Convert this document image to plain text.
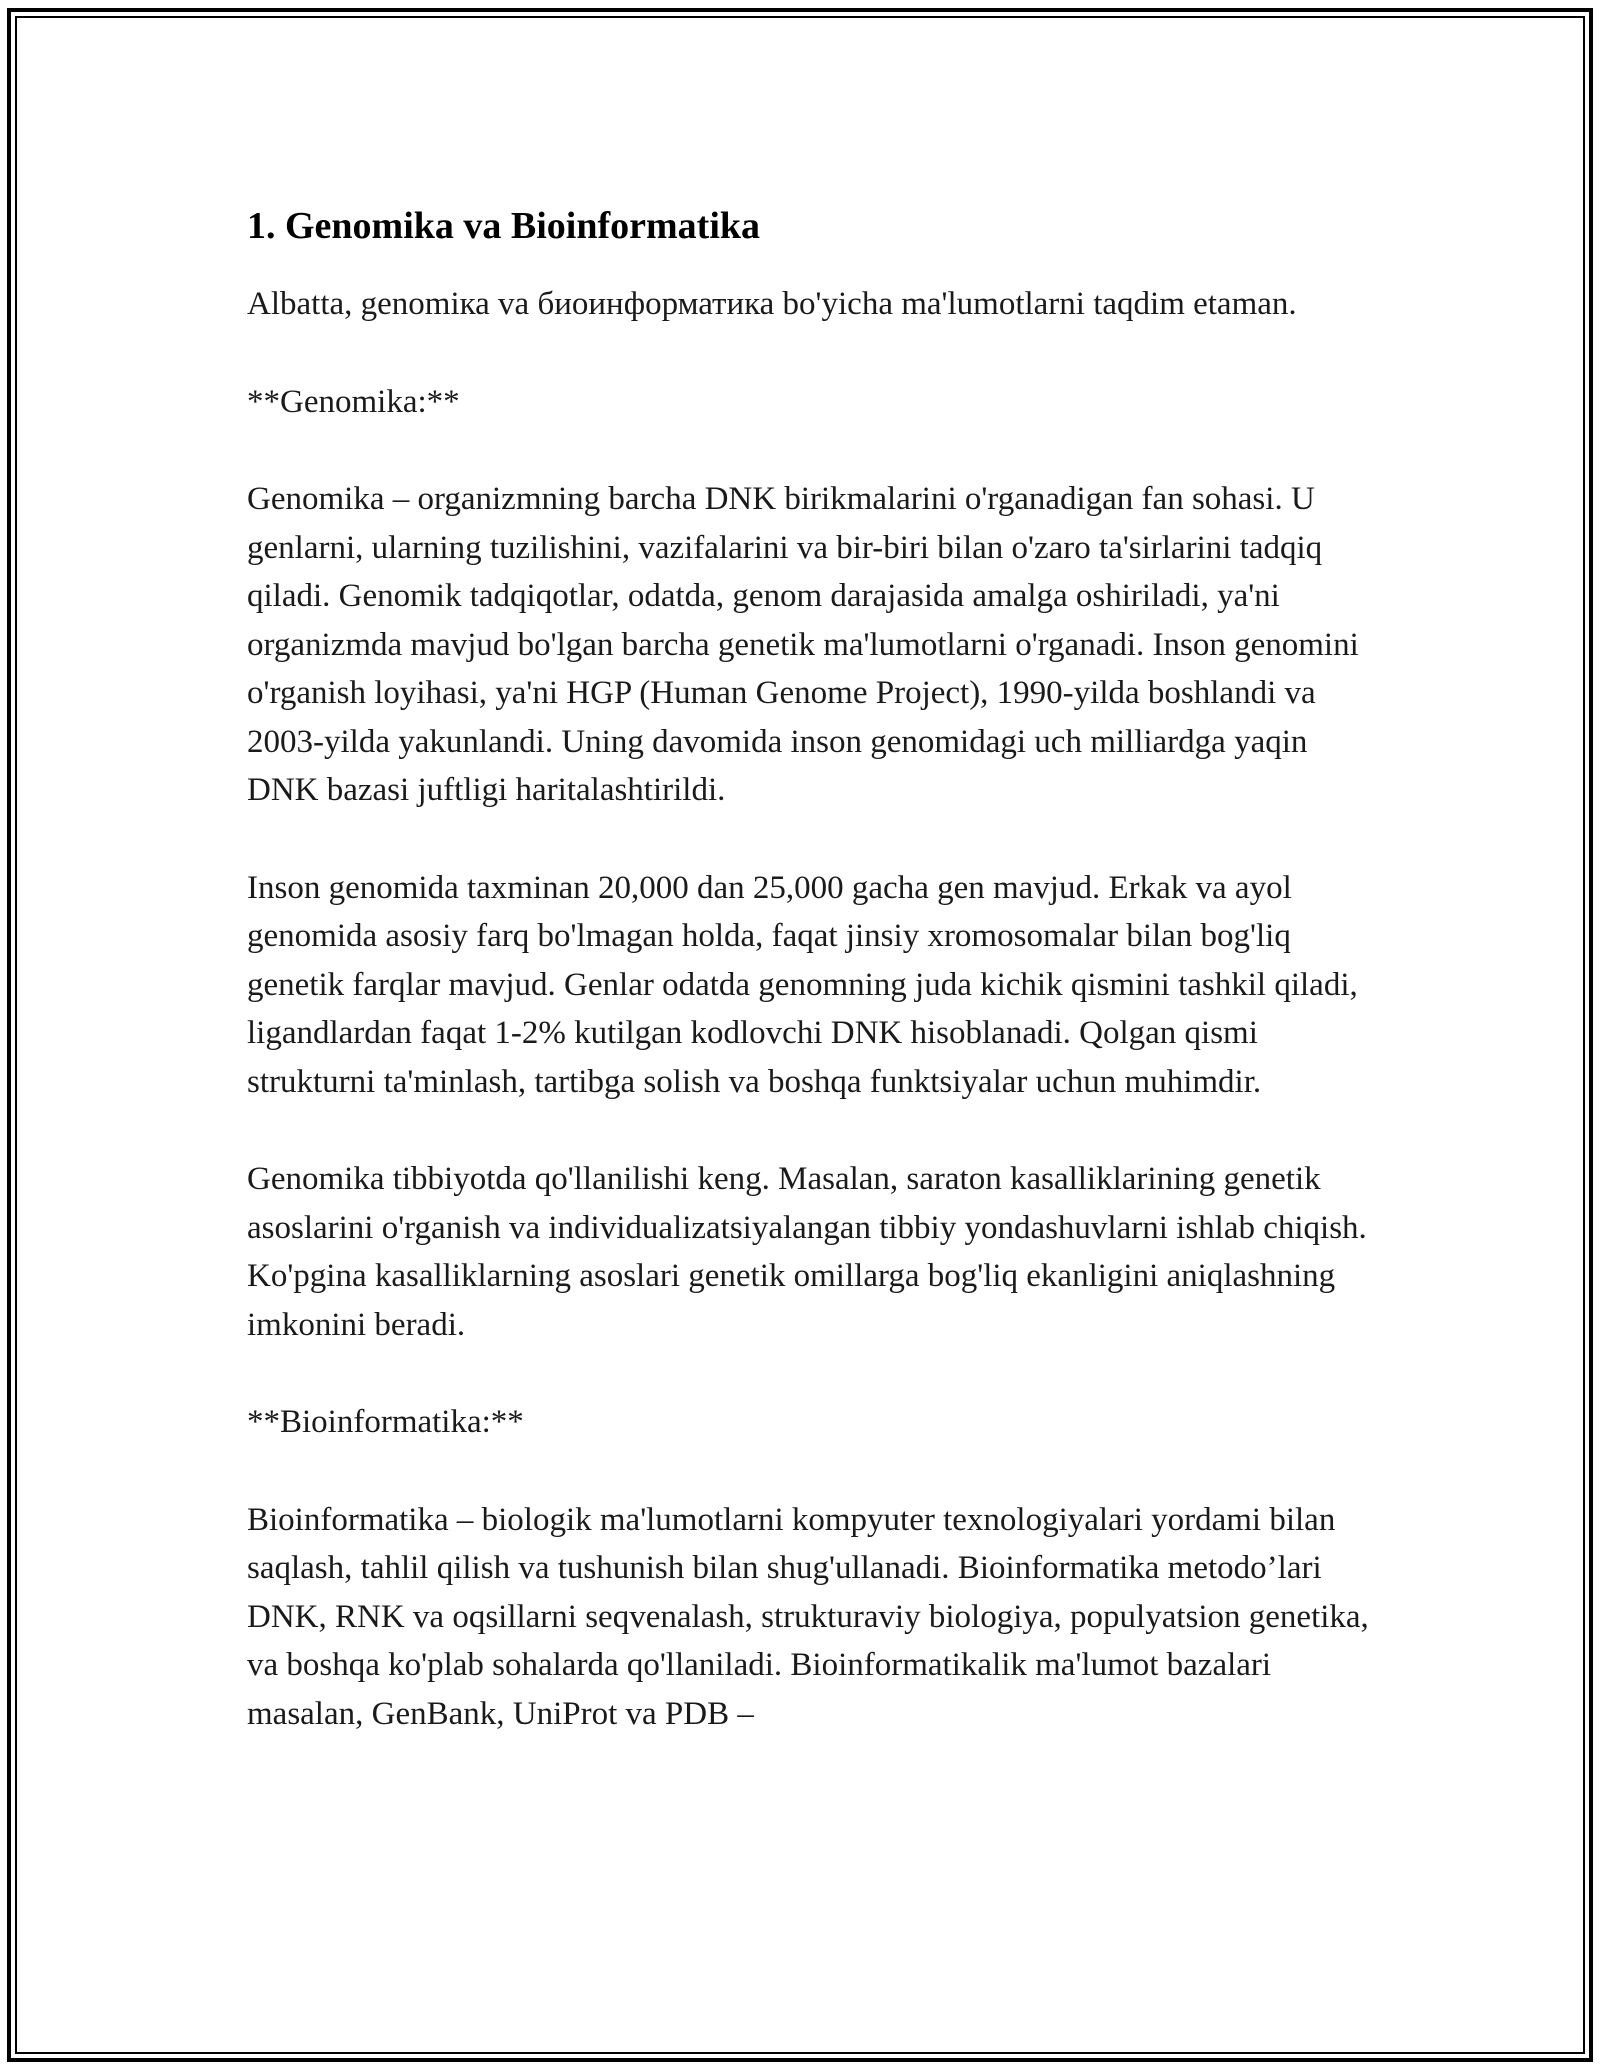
1. Genomika va Bioinformatika

Albatta, genomiка va биоинформатика bo'yicha ma'lumotlarni taqdim etaman.

**Genomika:**

Genomika – organizmning barcha DNK birikmalarini o'rganadigan fan sohasi. U genlarni, ularning tuzilishini, vazifalarini va bir-biri bilan o'zaro ta'sirlarini tadqiq qiladi. Genomik tadqiqotlar, odatda, genom darajasida amalga oshiriladi, ya'ni organizmda mavjud bo'lgan barcha genetik ma'lumotlarni o'rganadi. Inson genomini o'rganish loyihasi, ya'ni HGP (Human Genome Project), 1990-yilda boshlandi va 2003-yilda yakunlandi. Uning davomida inson genomidagi uch milliardga yaqin DNK bazasi juftligi haritalashtirildi.

Inson genomida taxminan 20,000 dan 25,000 gacha gen mavjud. Erkak va ayol genomida asosiy farq bo'lmagan holda, faqat jinsiy xromosomalar bilan bog'liq genetik farqlar mavjud. Genlar odatda genomning juda kichik qismini tashkil qiladi, ligandlardan faqat 1-2% kutilgan kodlovchi DNK hisoblanadi. Qolgan qismi strukturni ta'minlash, tartibga solish va boshqa funktsiyalar uchun muhimdir.

Genomika tibbiyotda qo'llanilishi keng. Masalan, saraton kasalliklarining genetik asoslarini o'rganish va individualizatsiyalangan tibbiy yondashuvlarni ishlab chiqish. Ko'pgina kasalliklarning asoslari genetik omillarga bog'liq ekanligini aniqlashning imkonini beradi.

**Bioinformatika:**

Bioinformatika – biologik ma'lumotlarni kompyuter texnologiyalari yordami bilan saqlash, tahlil qilish va tushunish bilan shug'ullanadi. Bioinformatika metodo’lari DNK, RNK va oqsillarni seqvenalash, strukturaviy biologiya, populyatsion genetika, va boshqa ko'plab sohalarda qo'llaniladi. Bioinformatikalik ma'lumot bazalari masalan, GenBank, UniProt va PDB –
